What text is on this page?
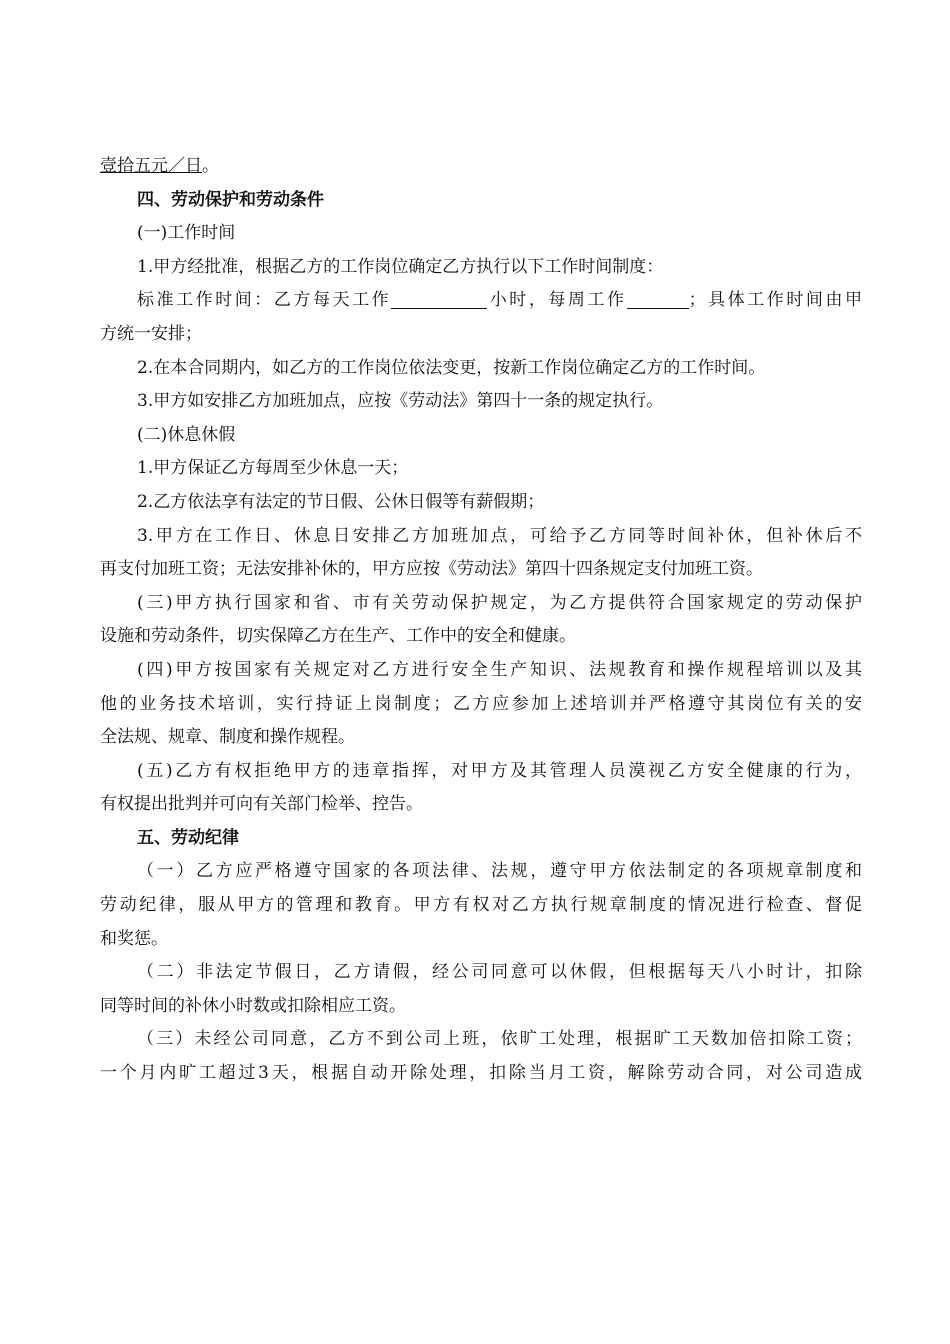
壹拾五元／日。
四、劳动保护和劳动条件
(一)工作时间
1.甲方经批准，根据乙方的工作岗位确定乙方执行以下工作时间制度：
标准工作时间：乙方每天工作	小时，每周工作	；具体工作时间由甲
方统一安排；
2.在本合同期内，如乙方的工作岗位依法变更，按新工作岗位确定乙方的工作时间。
3.甲方如安排乙方加班加点，应按《劳动法》第四十一条的规定执行。
(二)休息休假
1.甲方保证乙方每周至少休息一天；
2.乙方依法享有法定的节日假、公休日假等有薪假期；
3.甲方在工作日、休息日安排乙方加班加点，可给予乙方同等时间补休，但补休后不
再支付加班工资；无法安排补休的，甲方应按《劳动法》第四十四条规定支付加班工资。
(三)甲方执行国家和省、市有关劳动保护规定，为乙方提供符合国家规定的劳动保护
设施和劳动条件，切实保障乙方在生产、工作中的安全和健康。
(四)甲方按国家有关规定对乙方进行安全生产知识、法规教育和操作规程培训以及其
他的业务技术培训，实行持证上岗制度；乙方应参加上述培训并严格遵守其岗位有关的安
全法规、规章、制度和操作规程。
(五)乙方有权拒绝甲方的违章指挥，对甲方及其管理人员漠视乙方安全健康的行为，
有权提出批判并可向有关部门检举、控告。
五、劳动纪律
（一）乙方应严格遵守国家的各项法律、法规，遵守甲方依法制定的各项规章制度和
劳动纪律，服从甲方的管理和教育。甲方有权对乙方执行规章制度的情况进行检查、督促
和奖惩。
（二）非法定节假日，乙方请假，经公司同意可以休假，但根据每天八小时计，扣除
同等时间的补休小时数或扣除相应工资。
（三）未经公司同意，乙方不到公司上班，依旷工处理，根据旷工天数加倍扣除工资；
一个月内旷工超过3天，根据自动开除处理，扣除当月工资，解除劳动合同，对公司造成
